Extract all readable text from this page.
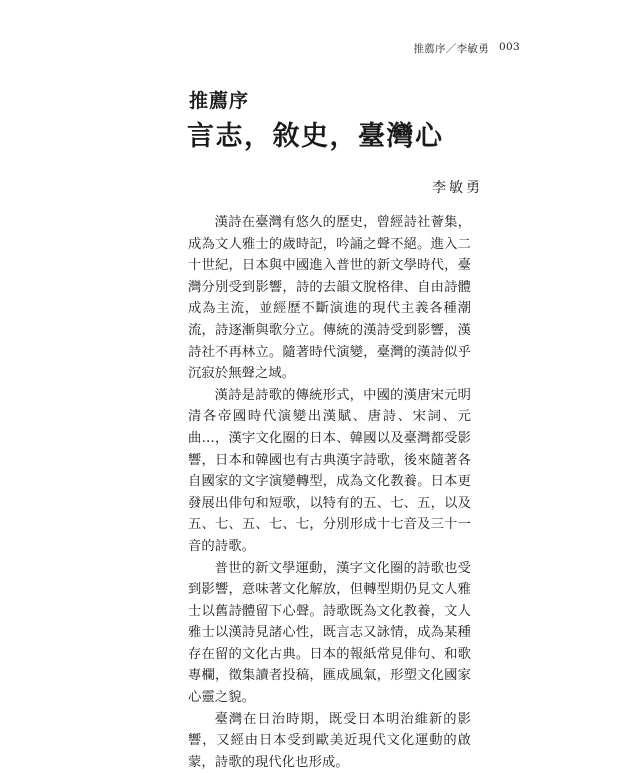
推薦序／李敏勇 003
推薦序
言志，敘史，臺灣心
李敏勇

漢詩在臺灣有悠久的歷史，曾經詩社薈集，成為文人雅士的歲時記，吟誦之聲不絕。進入二十世紀，日本與中國進入普世的新文學時代，臺灣分別受到影響，詩的去韻文脫格律、自由詩體成為主流，並經歷不斷演進的現代主義各種潮流，詩逐漸與歌分立。傳統的漢詩受到影響，漢詩社不再林立。隨著時代演變，臺灣的漢詩似乎沉寂於無聲之域。

漢詩是詩歌的傳統形式，中國的漢唐宋元明清各帝國時代演變出漢賦、唐詩、宋詞、元曲…，漢字文化圈的日本、韓國以及臺灣都受影響，日本和韓國也有古典漢字詩歌，後來隨著各自國家的文字演變轉型，成為文化教養。日本更發展出俳句和短歌，以特有的五、七、五，以及五、七、五、七、七，分別形成十七音及三十一音的詩歌。

普世的新文學運動，漢字文化圈的詩歌也受到影響，意味著文化解放，但轉型期仍見文人雅士以舊詩體留下心聲。詩歌既為文化教養，文人雅士以漢詩見諸心性，既言志又詠情，成為某種存在留的文化古典。日本的報紙常見俳句、和歌專欄，徵集讀者投稿，匯成風氣，形塑文化國家心靈之貌。

臺灣在日治時期，既受日本明治維新的影響，又經由日本受到歐美近現代文化運動的啟蒙，詩歌的現代化也形成。
